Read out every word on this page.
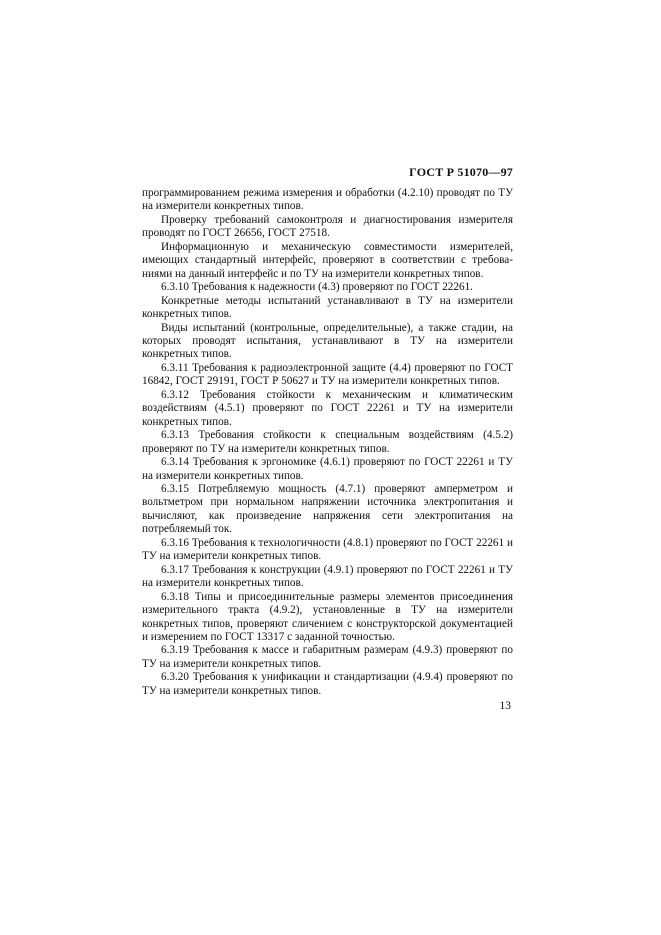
ГОСТ Р 51070—97

программированием режима измерения и обработки (4.2.10) проводят по ТУ на измерители конкретных типов.

Проверку требований самоконтроля и диагностирования измерителя проводят по ГОСТ 26656, ГОСТ 27518.

Информационную и механическую совместимости измерителей, имеющих стандартный интерфейс, проверяют в соответствии с требованиями на данный интерфейс и по ТУ на измерители конкретных типов.

6.3.10 Требования к надежности (4.3) проверяют по ГОСТ 22261.

Конкретные методы испытаний устанавливают в ТУ на измерители конкретных типов.

Виды испытаний (контрольные, определительные), а также стадии, на которых проводят испытания, устанавливают в ТУ на измерители конкретных типов.

6.3.11 Требования к радиоэлектронной защите (4.4) проверяют по ГОСТ 16842, ГОСТ 29191, ГОСТ Р 50627 и ТУ на измерители конкретных типов.

6.3.12 Требования стойкости к механическим и климатическим воздействиям (4.5.1) проверяют по ГОСТ 22261 и ТУ на измерители конкретных типов.

6.3.13 Требования стойкости к специальным воздействиям (4.5.2) проверяют по ТУ на измерители конкретных типов.

6.3.14 Требования к эргономике (4.6.1) проверяют по ГОСТ 22261 и ТУ на измерители конкретных типов.

6.3.15 Потребляемую мощность (4.7.1) проверяют амперметром и вольтметром при нормальном напряжении источника электропитания и вычисляют, как произведение напряжения сети электропитания на потребляемый ток.

6.3.16 Требования к технологичности (4.8.1) проверяют по ГОСТ 22261 и ТУ на измерители конкретных типов.

6.3.17 Требования к конструкции (4.9.1) проверяют по ГОСТ 22261 и ТУ на измерители конкретных типов.

6.3.18 Типы и присоединительные размеры элементов присоединения измерительного тракта (4.9.2), установленные в ТУ на измерители конкретных типов, проверяют сличением с конструкторской документацией и измерением по ГОСТ 13317 с заданной точностью.

6.3.19 Требования к массе и габаритным размерам (4.9.3) проверяют по ТУ на измерители конкретных типов.

6.3.20 Требования к унификации и стандартизации (4.9.4) проверяют по ТУ на измерители конкретных типов.

13
